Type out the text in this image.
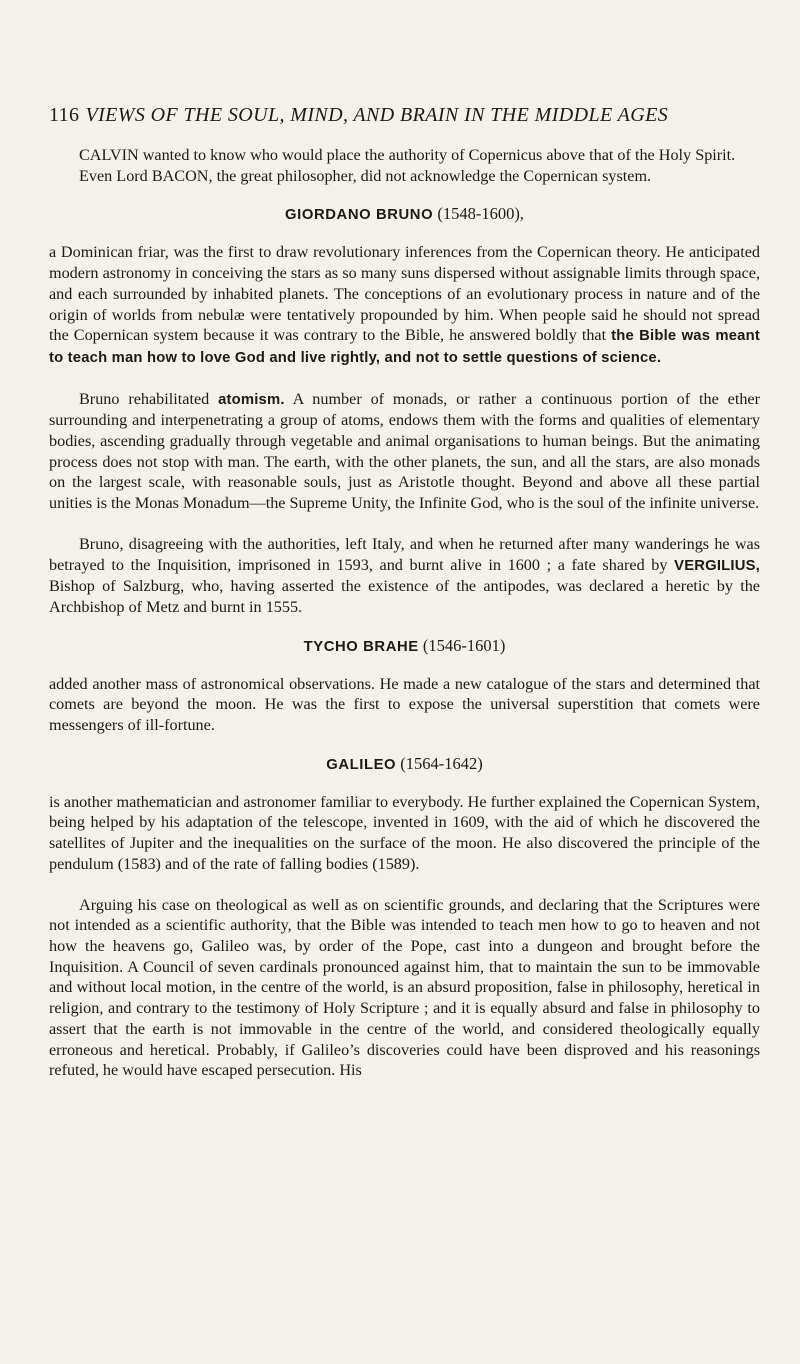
116 VIEWS OF THE SOUL, MIND, AND BRAIN IN THE MIDDLE AGES

CALVIN wanted to know who would place the authority of Copernicus above that of the Holy Spirit.

Even Lord BACON, the great philosopher, did not acknowledge the Copernican system.

GIORDANO BRUNO (1548-1600),

a Dominican friar, was the first to draw revolutionary inferences from the Copernican theory. He anticipated modern astronomy in conceiving the stars as so many suns dispersed without assignable limits through space, and each surrounded by inhabited planets. The conceptions of an evolutionary process in nature and of the origin of worlds from nebulæ were tentatively propounded by him. When people said he should not spread the Copernican system because it was contrary to the Bible, he answered boldly that the Bible was meant to teach man how to love God and live rightly, and not to settle questions of science.

Bruno rehabilitated atomism. A number of monads, or rather a continuous portion of the ether surrounding and interpenetrating a group of atoms, endows them with the forms and qualities of elementary bodies, ascending gradually through vegetable and animal organisations to human beings. But the animating process does not stop with man. The earth, with the other planets, the sun, and all the stars, are also monads on the largest scale, with reasonable souls, just as Aristotle thought. Beyond and above all these partial unities is the Monas Monadum—the Supreme Unity, the Infinite God, who is the soul of the infinite universe.

Bruno, disagreeing with the authorities, left Italy, and when he returned after many wanderings he was betrayed to the Inquisition, imprisoned in 1593, and burnt alive in 1600 ; a fate shared by VERGILIUS, Bishop of Salzburg, who, having asserted the existence of the antipodes, was declared a heretic by the Archbishop of Metz and burnt in 1555.

TYCHO BRAHE (1546-1601)

added another mass of astronomical observations. He made a new catalogue of the stars and determined that comets are beyond the moon. He was the first to expose the universal superstition that comets were messengers of ill-fortune.

GALILEO (1564-1642)

is another mathematician and astronomer familiar to everybody. He further explained the Copernican System, being helped by his adaptation of the telescope, invented in 1609, with the aid of which he discovered the satellites of Jupiter and the inequalities on the surface of the moon. He also discovered the principle of the pendulum (1583) and of the rate of falling bodies (1589).

Arguing his case on theological as well as on scientific grounds, and declaring that the Scriptures were not intended as a scientific authority, that the Bible was intended to teach men how to go to heaven and not how the heavens go, Galileo was, by order of the Pope, cast into a dungeon and brought before the Inquisition. A Council of seven cardinals pronounced against him, that to maintain the sun to be immovable and without local motion, in the centre of the world, is an absurd proposition, false in philosophy, heretical in religion, and contrary to the testimony of Holy Scripture ; and it is equally absurd and false in philosophy to assert that the earth is not immovable in the centre of the world, and considered theologically equally erroneous and heretical. Probably, if Galileo’s discoveries could have been disproved and his reasonings refuted, he would have escaped persecution. His
